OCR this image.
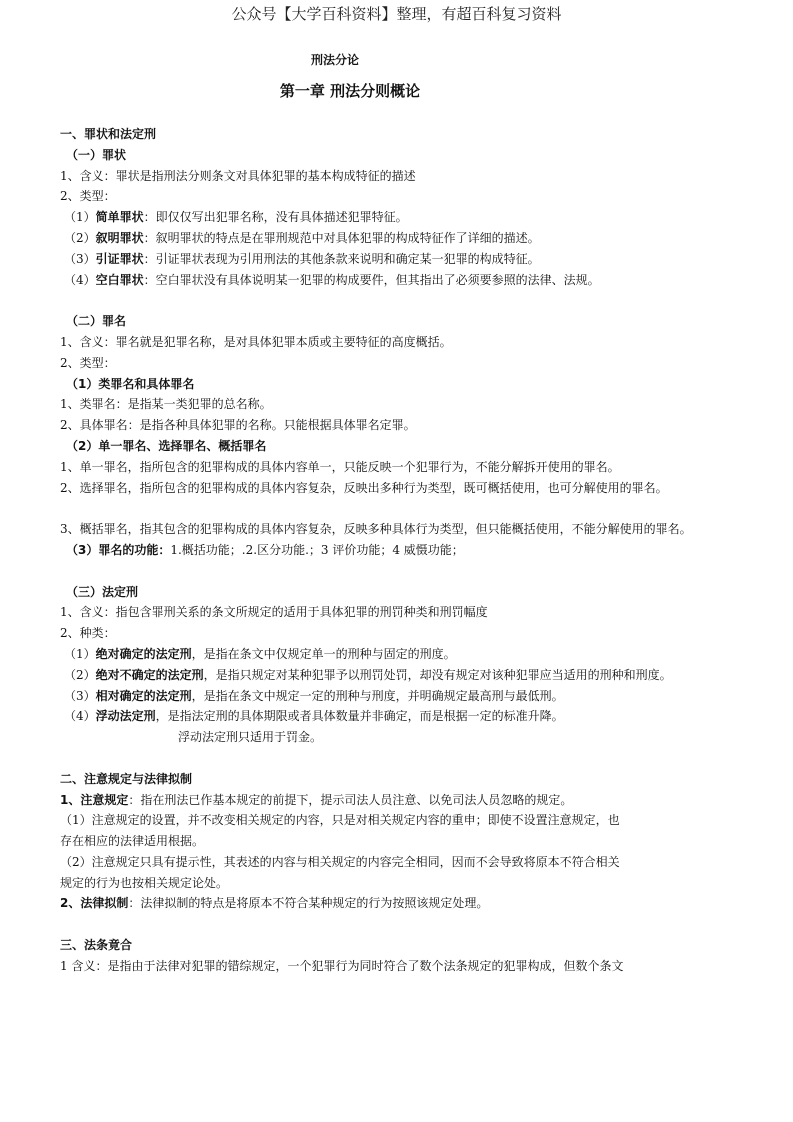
公众号【大学百科资料】整理，有超百科复习资料
刑法分论
第一章 刑法分则概论
一、罪状和法定刑
（一）罪状
1、含义：罪状是指刑法分则条文对具体犯罪的基本构成特征的描述
2、类型：
（1）简单罪状：即仅仅写出犯罪名称，没有具体描述犯罪特征。
（2）叙明罪状：叙明罪状的特点是在罪刑规范中对具体犯罪的构成特征作了详细的描述。
（3）引证罪状：引证罪状表现为引用刑法的其他条款来说明和确定某一犯罪的构成特征。
（4）空白罪状：空白罪状没有具体说明某一犯罪的构成要件，但其指出了必须要参照的法律、法规。
（二）罪名
1、含义：罪名就是犯罪名称，是对具体犯罪本质或主要特征的高度概括。
2、类型：
（1）类罪名和具体罪名
1、类罪名：是指某一类犯罪的总名称。
2、具体罪名：是指各种具体犯罪的名称。只能根据具体罪名定罪。
（2）单一罪名、选择罪名、概括罪名
1、单一罪名，指所包含的犯罪构成的具体内容单一，只能反映一个犯罪行为，不能分解拆开使用的罪名。
2、选择罪名，指所包含的犯罪构成的具体内容复杂，反映出多种行为类型，既可概括使用，也可分解使用的罪名。
3、概括罪名，指其包含的犯罪构成的具体内容复杂，反映多种具体行为类型，但只能概括使用，不能分解使用的罪名。
（3）罪名的功能：1.概括功能；.2.区分功能.；3 评价功能；4 威慑功能；
（三）法定刑
1、含义：指包含罪刑关系的条文所规定的适用于具体犯罪的刑罚种类和刑罚幅度
2、种类：
（1）绝对确定的法定刑，是指在条文中仅规定单一的刑种与固定的刑度。
（2）绝对不确定的法定刑，是指只规定对某种犯罪予以刑罚处罚，却没有规定对该种犯罪应当适用的刑种和刑度。
（3）相对确定的法定刑，是指在条文中规定一定的刑种与刑度，并明确规定最高刑与最低刑。
（4）浮动法定刑，是指法定刑的具体期限或者具体数量并非确定，而是根据一定的标准升降。
浮动法定刑只适用于罚金。
二、注意规定与法律拟制
1、注意规定：指在刑法已作基本规定的前提下，提示司法人员注意、以免司法人员忽略的规定。
（1）注意规定的设置，并不改变相关规定的内容，只是对相关规定内容的重申；即使不设置注意规定，也
存在相应的法律适用根据。
（2）注意规定只具有提示性，其表述的内容与相关规定的内容完全相同，因而不会导致将原本不符合相关
规定的行为也按相关规定论处。
2、法律拟制：法律拟制的特点是将原本不符合某种规定的行为按照该规定处理。
三、法条竟合
1 含义：是指由于法律对犯罪的错综规定，一个犯罪行为同时符合了数个法条规定的犯罪构成，但数个条文
